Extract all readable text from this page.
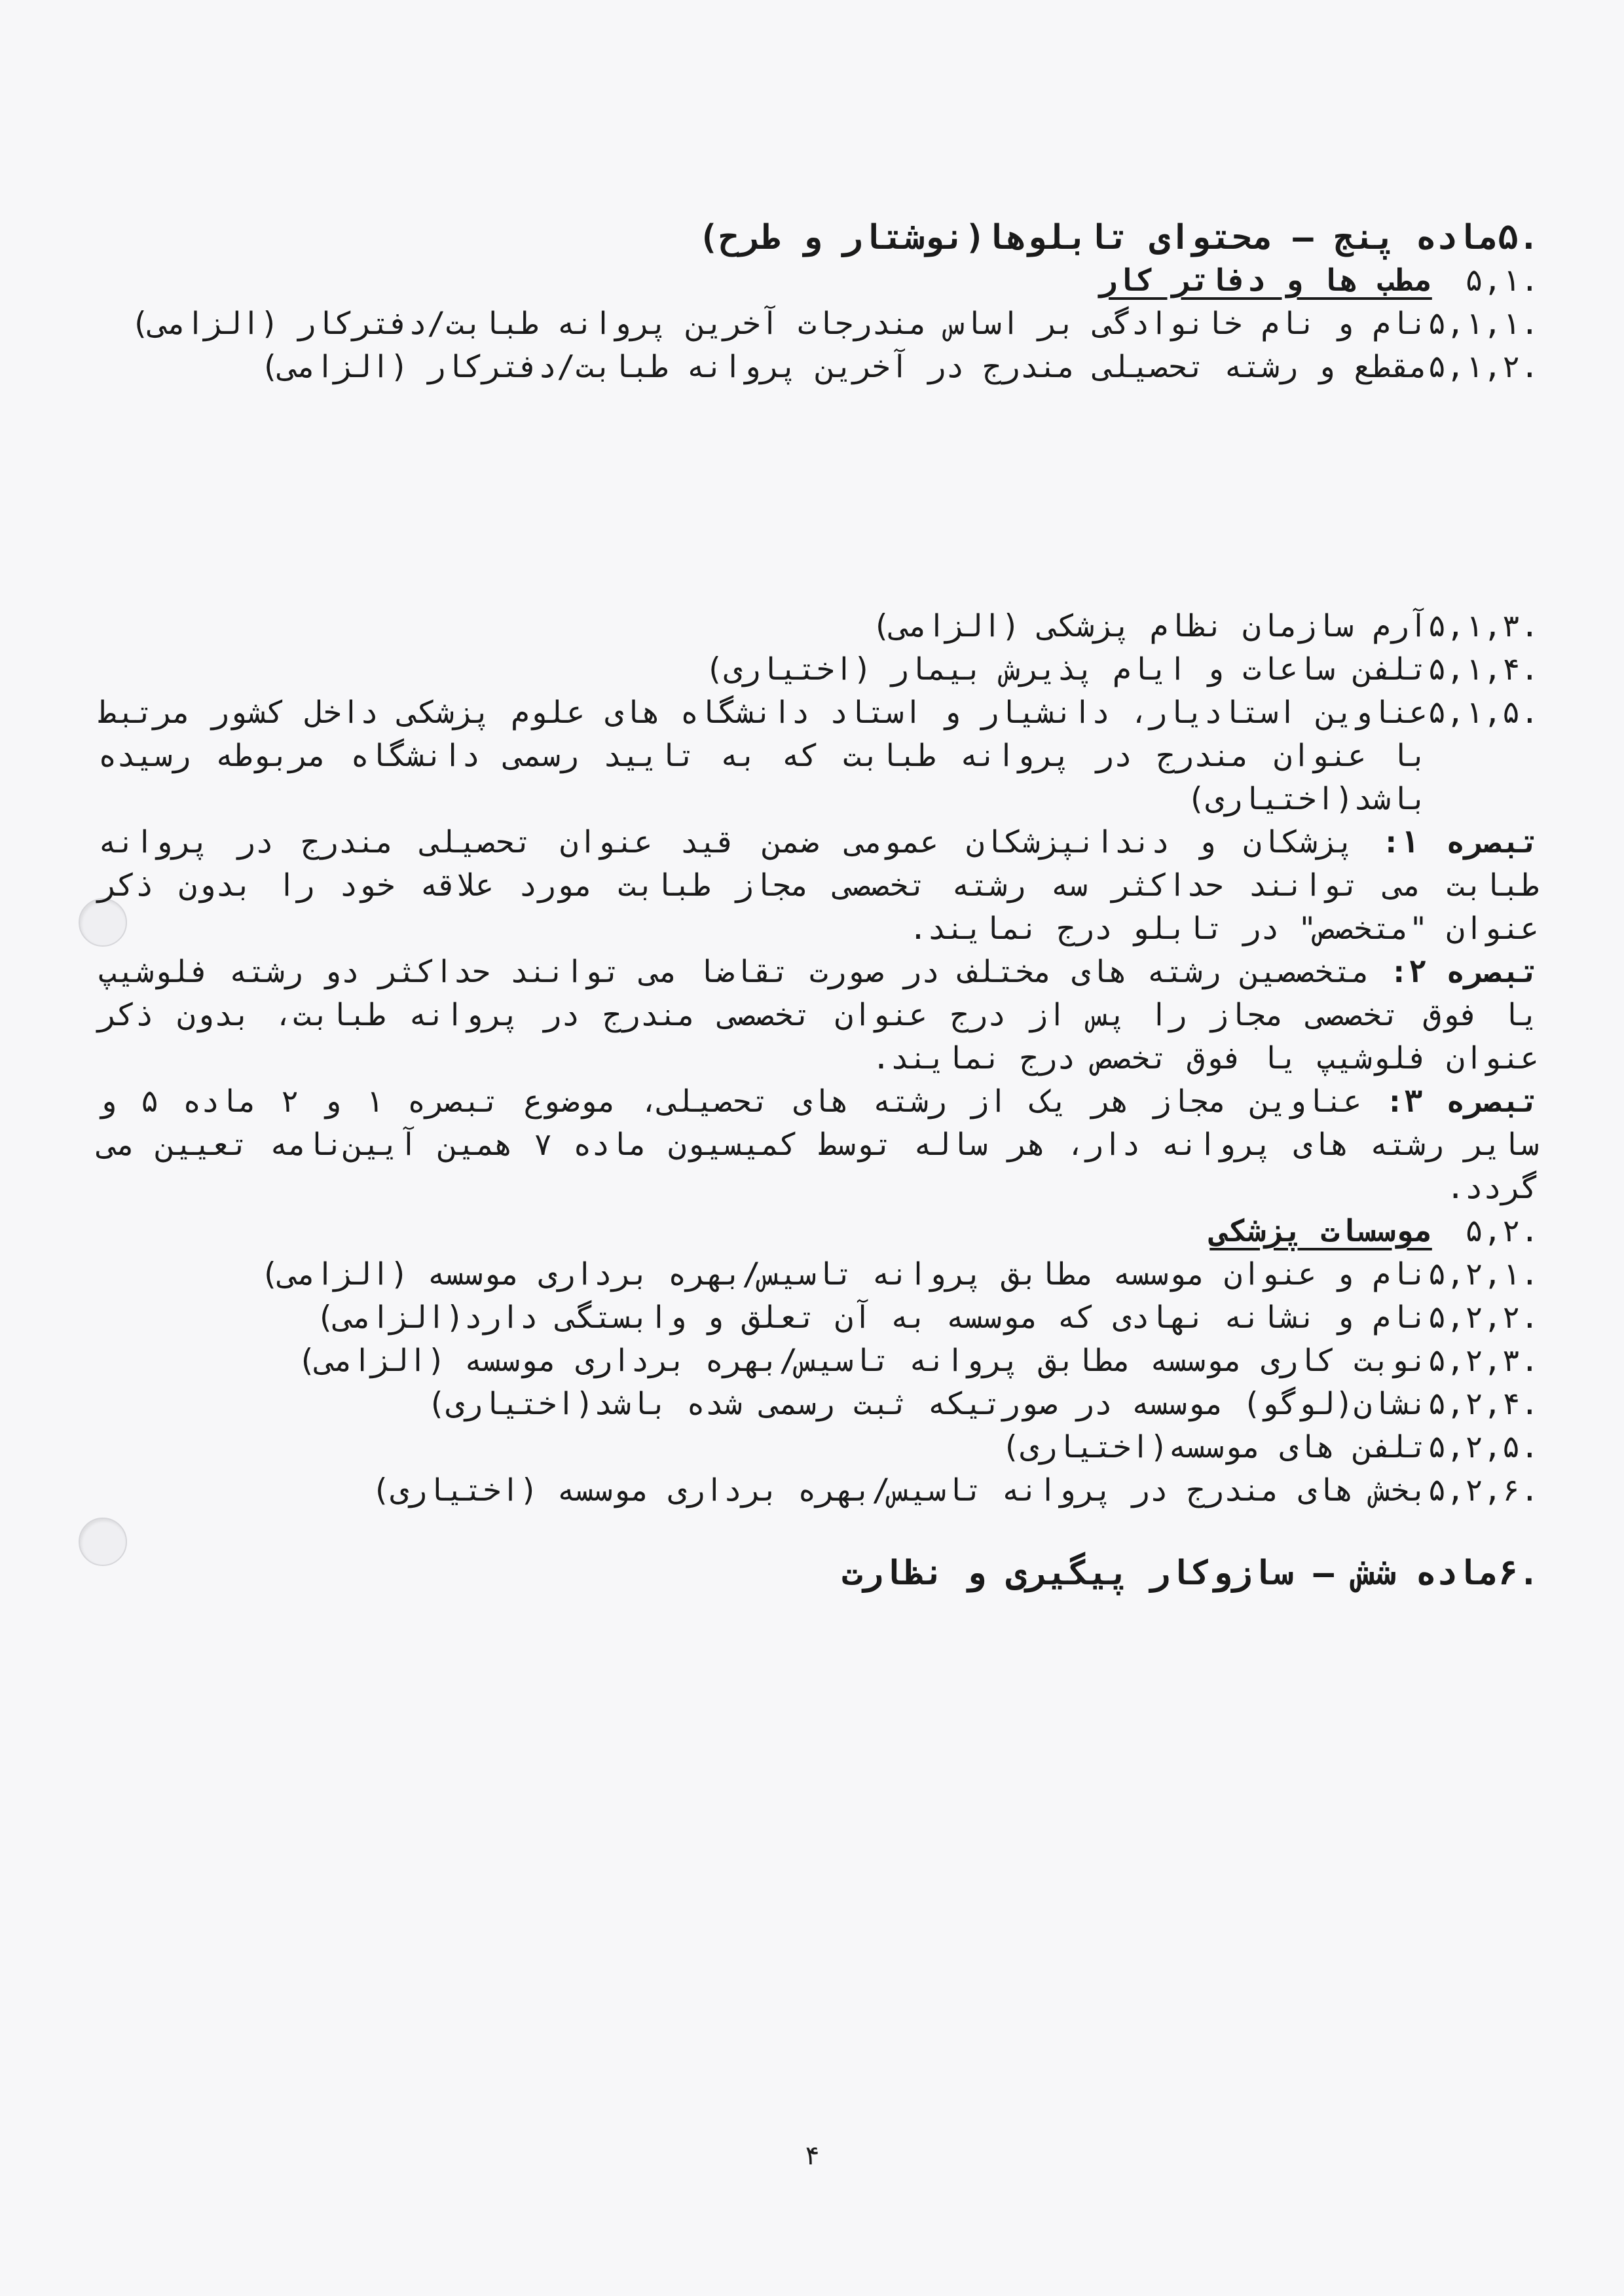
.۵ماده پنج – محتوای تابلوها(نوشتار و طرح)

.۵,۱مطب ها و دفاتر کار

.۵,۱,۱
نام و نام خانوادگی بر اساس مندرجات آخرین پروانه طبابت/دفترکار (الزامی)
.۵,۱,۲
مقطع و رشته تحصیلی مندرج در آخرین پروانه طبابت/دفترکار (الزامی)
.۵,۱,۳
آرم سازمان نظام پزشکی (الزامی)
.۵,۱,۴
تلفن ساعات و ایام پذیرش بیمار (اختیاری)
.۵,۱,۵
عناوین استادیار، دانشیار و استاد دانشگاه های علوم پزشکی داخل کشور مرتبط با عنوان مندرج در پروانه طبابت که به تایید رسمی دانشگاه مربوطه رسیده باشد(اختیاری)

تبصره ۱: پزشکان و دندانپزشکان عمومی ضمن قید عنوان تحصیلی مندرج در پروانه طبابت می توانند حداکثر سه رشته تخصصی مجاز طبابت مورد علاقه خود را بدون ذکر عنوان "متخصص" در تابلو درج نمایند.

تبصره ۲: متخصصین رشته های مختلف در صورت تقاضا می توانند حداکثر دو رشته فلوشیپ یا فوق تخصصی مجاز را پس از درج عنوان تخصصی مندرج در پروانه طبابت، بدون ذکر عنوان فلوشیپ یا فوق تخصص درج نمایند.

تبصره ۳: عناوین مجاز هر یک از رشته های تحصیلی، موضوع تبصره ۱ و ۲ ماده ۵ و سایر رشته های پروانه دار، هر ساله توسط کمیسیون ماده ۷ همین آیین‌نامه تعیین می گردد.

.۵,۲موسسات پزشکی

.۵,۲,۱
نام و عنوان موسسه مطابق پروانه تاسیس/بهره برداری موسسه (الزامی)
.۵,۲,۲
نام و نشانه نهادی که موسسه به آن تعلق و وابستگی دارد(الزامی)
.۵,۲,۳
نوبت کاری موسسه مطابق پروانه تاسیس/بهره برداری موسسه (الزامی)
.۵,۲,۴
نشان(لوگو) موسسه در صورتیکه ثبت رسمی شده باشد(اختیاری)
.۵,۲,۵
تلفن های موسسه(اختیاری)
.۵,۲,۶
بخش های مندرج در پروانه تاسیس/بهره برداری موسسه (اختیاری)

.۶ماده شش – سازوکار پیگیری و نظارت

۴
